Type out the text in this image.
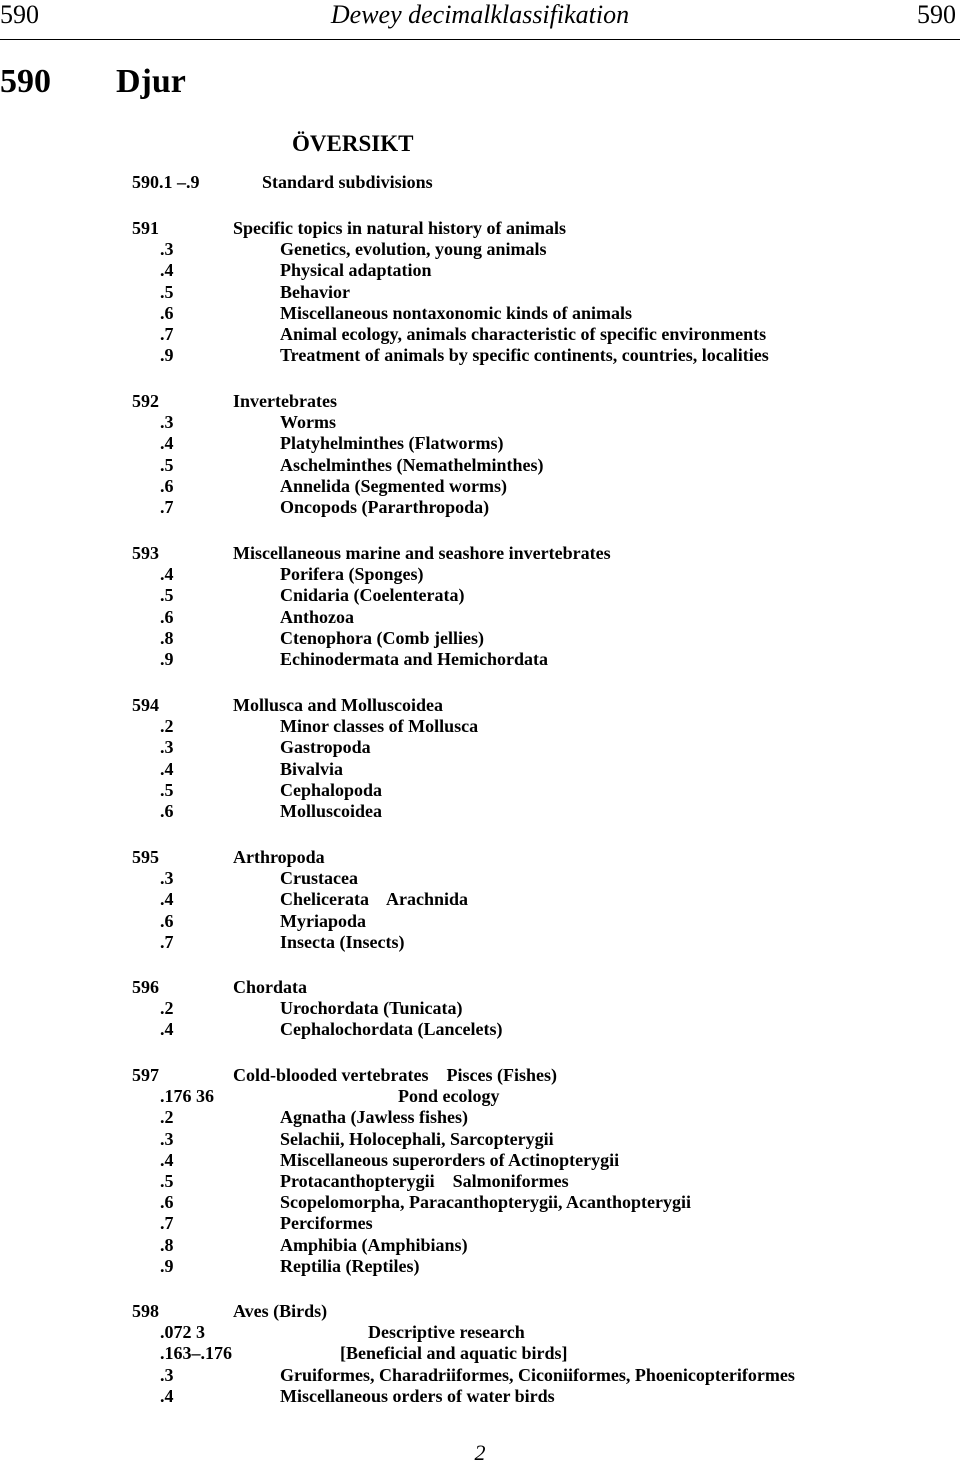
590	Dewey decimalklassifikation	590
590 Djur
ÖVERSIKT
590.1 –.9	Standard subdivisions
591	Specific topics in natural history of animals
.3	Genetics, evolution, young animals
.4	Physical adaptation
.5	Behavior
.6	Miscellaneous nontaxonomic kinds of animals
.7	Animal ecology, animals characteristic of specific environments
.9	Treatment of animals by specific continents, countries, localities
592	Invertebrates
.3	Worms
.4	Platyhelminthes (Flatworms)
.5	Aschelminthes (Nemathelminthes)
.6	Annelida (Segmented worms)
.7	Oncopods (Pararthropoda)
593	Miscellaneous marine and seashore invertebrates
.4	Porifera (Sponges)
.5	Cnidaria (Coelenterata)
.6	Anthozoa
.8	Ctenophora (Comb jellies)
.9	Echinodermata and Hemichordata
594	Mollusca and Molluscoidea
.2	Minor classes of Mollusca
.3	Gastropoda
.4	Bivalvia
.5	Cephalopoda
.6	Molluscoidea
595	Arthropoda
.3	Crustacea
.4	Chelicerata    Arachnida
.6	Myriapoda
.7	Insecta (Insects)
596	Chordata
.2	Urochordata (Tunicata)
.4	Cephalochordata (Lancelets)
597	Cold-blooded vertebrates    Pisces (Fishes)
.176 36	Pond ecology
.2	Agnatha (Jawless fishes)
.3	Selachii, Holocephali, Sarcopterygii
.4	Miscellaneous superorders of Actinopterygii
.5	Protacanthopterygii    Salmoniformes
.6	Scopelomorpha, Paracanthopterygii, Acanthopterygii
.7	Perciformes
.8	Amphibia (Amphibians)
.9	Reptilia (Reptiles)
598	Aves (Birds)
.072 3	Descriptive research
.163–.176	[Beneficial and aquatic birds]
.3	Gruiformes, Charadriiformes, Ciconiiformes, Phoenicopteriformes
.4	Miscellaneous orders of water birds
2
